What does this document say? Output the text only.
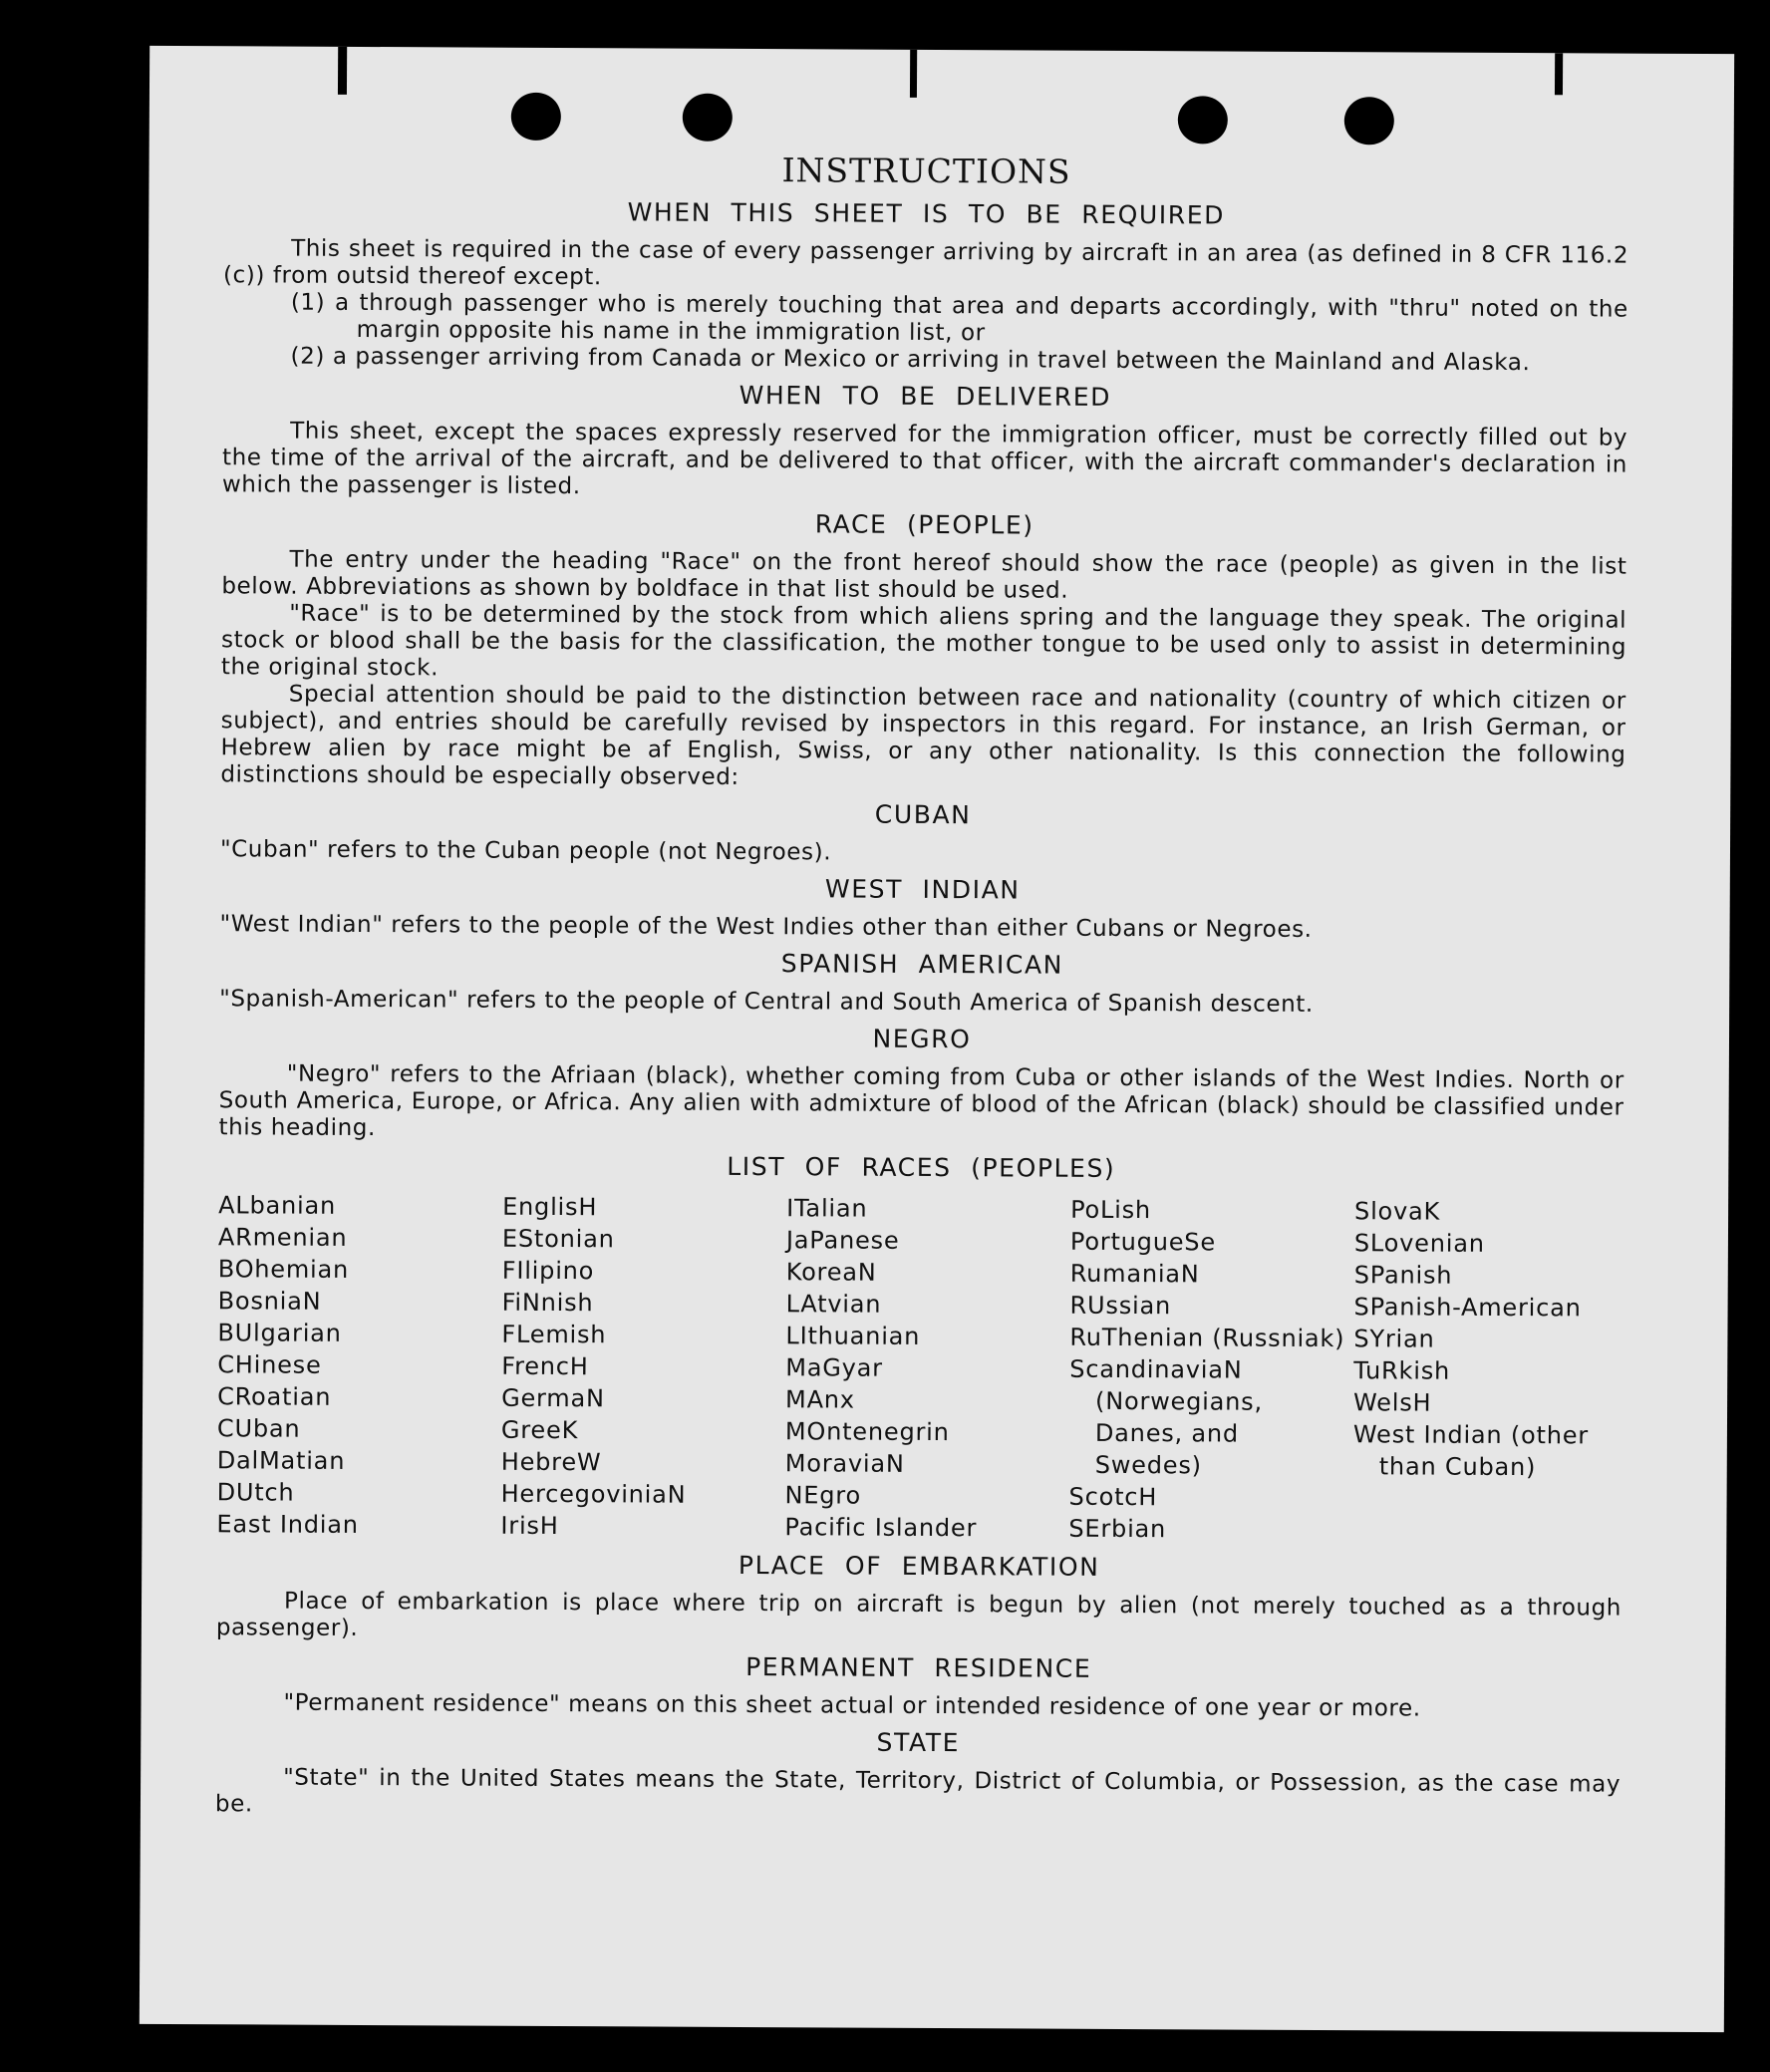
INSTRUCTIONS
WHEN THIS SHEET IS TO BE REQUIRED

This sheet is required in the case of every passenger arriving by aircraft in an area (as defined in 8 CFR 116.2 (c)) from outsid thereof except.

(1) a through passenger who is merely touching that area and departs accordingly, with "thru" noted on the margin opposite his name in the immigration list, or

(2) a passenger arriving from Canada or Mexico or arriving in travel between the Mainland and Alaska.

WHEN TO BE DELIVERED

This sheet, except the spaces expressly reserved for the immigration officer, must be correctly filled out by the time of the arrival of the aircraft, and be delivered to that officer, with the aircraft commander's declaration in which the passenger is listed.

RACE (PEOPLE)

The entry under the heading "Race" on the front hereof should show the race (people) as given in the list below. Abbreviations as shown by boldface in that list should be used.

"Race" is to be determined by the stock from which aliens spring and the language they speak. The original stock or blood shall be the basis for the classification, the mother tongue to be used only to assist in determining the original stock.

Special attention should be paid to the distinction between race and nationality (country of which citizen or subject), and entries should be carefully revised by inspectors in this regard. For instance, an Irish German, or Hebrew alien by race might be af English, Swiss, or any other nationality. Is this connection the following distinctions should be especially observed:

CUBAN

"Cuban" refers to the Cuban people (not Negroes).

WEST INDIAN

"West Indian" refers to the people of the West Indies other than either Cubans or Negroes.

SPANISH AMERICAN

"Spanish-American" refers to the people of Central and South America of Spanish descent.

NEGRO

"Negro" refers to the Afriaan (black), whether coming from Cuba or other islands of the West Indies. North or South America, Europe, or Africa. Any alien with admixture of blood of the African (black) should be classified under this heading.

LIST OF RACES (PEOPLES)
ALbanian
ARmenian
BOhemian
BosniaN
BUlgarian
CHinese
CRoatian
CUban
DalMatian
DUtch
East Indian
EnglisH
EStonian
FIlipino
FiNnish
FLemish
FrencH
GermaN
GreeK
HebreW
HercegoviniaN
IrisH
ITalian
JaPanese
KoreaN
LAtvian
LIthuanian
MaGyar
MAnx
MOntenegrin
MoraviaN
NEgro
Pacific Islander
PoLish
PortugueSe
RumaniaN
RUssian
RuThenian (Russniak)
ScandinaviaN (Norwegians, Danes, and Swedes)
ScotcH
SErbian
SlovaK
SLovenian
SPanish
SPanish-American
SYrian
TuRkish
WelsH
West Indian (other than Cuban)
PLACE OF EMBARKATION

Place of embarkation is place where trip on aircraft is begun by alien (not merely touched as a through passenger).

PERMANENT RESIDENCE

"Permanent residence" means on this sheet actual or intended residence of one year or more.

STATE

"State" in the United States means the State, Territory, District of Columbia, or Possession, as the case may be.
